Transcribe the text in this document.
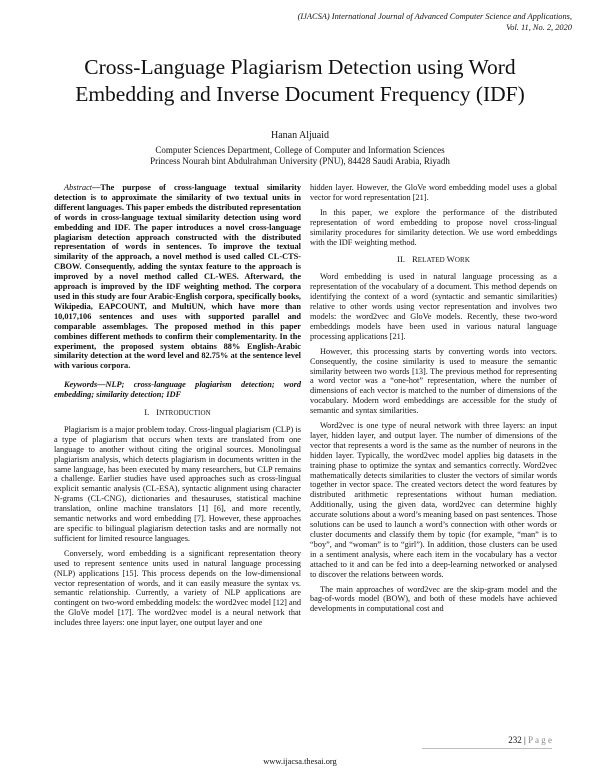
(IJACSA) International Journal of Advanced Computer Science and Applications,
Vol. 11, No. 2, 2020
Cross-Language Plagiarism Detection using Word
Embedding and Inverse Document Frequency (IDF)
Hanan Aljuaid
Computer Sciences Department, College of Computer and Information Sciences
Princess Nourah bint Abdulrahman University (PNU), 84428 Saudi Arabia, Riyadh

Abstract—The purpose of cross-language textual similarity detection is to approximate the similarity of two textual units in different languages. This paper embeds the distributed representation of words in cross-language textual similarity detection using word embedding and IDF. The paper introduces a novel cross-language plagiarism detection approach constructed with the distributed representation of words in sentences. To improve the textual similarity of the approach, a novel method is used called CL-CTS-CBOW. Consequently, adding the syntax feature to the approach is improved by a novel method called CL-WES. Afterward, the approach is improved by the IDF weighting method. The corpora used in this study are four Arabic-English corpora, specifically books, Wikipedia, EAPCOUNT, and MultiUN, which have more than 10,017,106 sentences and uses with supported parallel and comparable assemblages. The proposed method in this paper combines different methods to confirm their complementarity. In the experiment, the proposed system obtains 88% English-Arabic similarity detection at the word level and 82.75% at the sentence level with various corpora.

Keywords—NLP; cross-language plagiarism detection; word embedding; similarity detection; IDF

I. INTRODUCTION

Plagiarism is a major problem today. Cross-lingual plagiarism (CLP) is a type of plagiarism that occurs when texts are translated from one language to another without citing the original sources. Monolingual plagiarism analysis, which detects plagiarism in documents written in the same language, has been executed by many researchers, but CLP remains a challenge. Earlier studies have used approaches such as cross-lingual explicit semantic analysis (CL-ESA), syntactic alignment using character N-grams (CL-CNG), dictionaries and thesauruses, statistical machine translation, online machine translators [1] [6], and more recently, semantic networks and word embedding [7]. However, these approaches are specific to bilingual plagiarism detection tasks and are normally not sufficient for limited resource languages.

Conversely, word embedding is a significant representation theory used to represent sentence units used in natural language processing (NLP) applications [15]. This process depends on the low-dimensional vector representation of words, and it can easily measure the syntax vs. semantic relationship. Currently, a variety of NLP applications are contingent on two-word embedding models: the word2vec model [12] and the GloVe model [17]. The word2vec model is a neural network that includes three layers: one input layer, one output layer and one

hidden layer. However, the GloVe word embedding model uses a global vector for word representation [21].

In this paper, we explore the performance of the distributed representation of word embedding to propose novel cross-lingual similarity procedures for similarity detection. We use word embeddings with the IDF weighting method.

II. RELATED WORK

Word embedding is used in natural language processing as a representation of the vocabulary of a document. This method depends on identifying the context of a word (syntactic and semantic similarities) relative to other words using vector representation and involves two models: the word2vec and GloVe models. Recently, these two-word embeddings models have been used in various natural language processing applications [21].

However, this processing starts by converting words into vectors. Consequently, the cosine similarity is used to measure the semantic similarity between two words [13]. The previous method for representing a word vector was a “one-hot” representation, where the number of dimensions of each vector is matched to the number of dimensions of the vocabulary. Modern word embeddings are accessible for the study of semantic and syntax similarities.

Word2vec is one type of neural network with three layers: an input layer, hidden layer, and output layer. The number of dimensions of the vector that represents a word is the same as the number of neurons in the hidden layer. Typically, the word2vec model applies big datasets in the training phase to optimize the syntax and semantics correctly. Word2vec mathematically detects similarities to cluster the vectors of similar words together in vector space. The created vectors detect the word features by distributed arithmetic representations without human mediation. Additionally, using the given data, word2vec can determine highly accurate solutions about a word’s meaning based on past sentences. Those solutions can be used to launch a word’s connection with other words or cluster documents and classify them by topic (for example, “man” is to “boy”, and “woman” is to “girl”). In addition, those clusters can be used in a sentiment analysis, where each item in the vocabulary has a vector attached to it and can be fed into a deep-learning networked or analysed to discover the relations between words.

The main approaches of word2vec are the skip-gram model and the bag-of-words model (BOW), and both of these models have achieved developments in computational cost and

232 | P a g e
www.ijacsa.thesai.org
